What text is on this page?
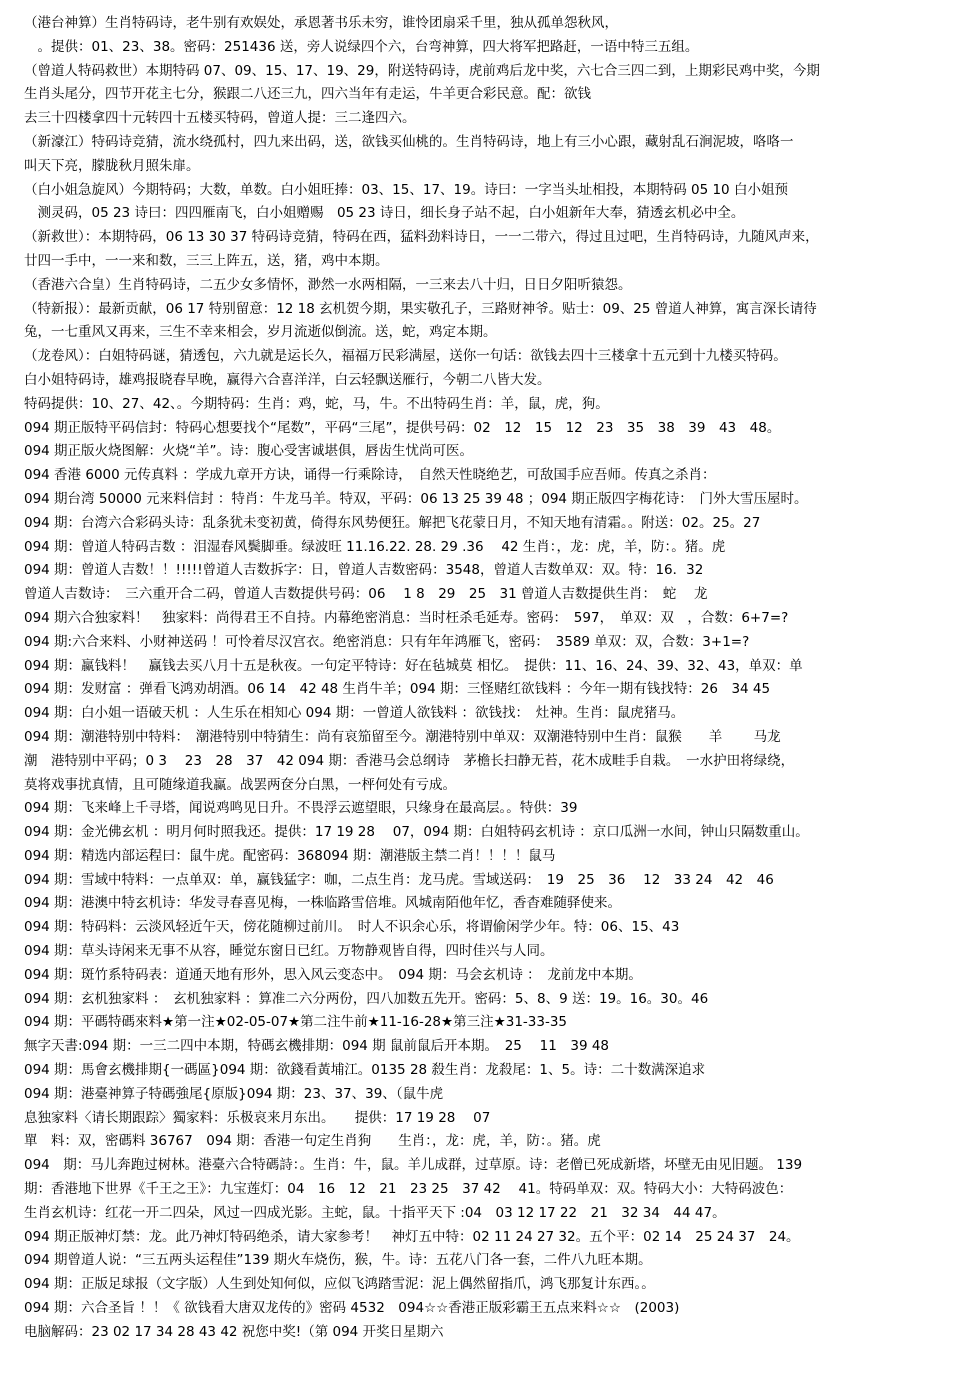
（港台神算）生肖特码诗，老牛别有欢娱处，承恩著书乐未穷，谁怜团扇采千里，独从孤单怨秋风，
　。提供：01、23、38。密码：251436 送，旁人说绿四个六，台弯神算，四大将军把路赶，一语中特三五组。
（曾道人特码救世）本期特码 07、09、15、17、19、29，附送特码诗，虎前鸡后龙中奖，六七合三四二到，上期彩民鸡中奖，今期
生肖头尾分，四节开花主七分，猴跟二八还三九，四六当年有走运，牛羊更合彩民意。配：欲钱
去三十四楼拿四十元转四十五楼买特码，曾道人提：三二逢四六。
（新濠江）特码诗竞猜，流水绕孤村，四九来出码，送，欲钱买仙桃的。生肖特码诗，地上有三小心跟，藏射乱石涧泥坡，咯咯一
叫天下亮，朦胧秋月照朱扉。
（白小姐急旋风）今期特码；大数，单数。白小姐旺捧：03、15、17、19。诗曰：一字当头址相投，本期特码 05 10 白小姐预
　测灵码，05 23 诗曰：四四雁南飞，白小姐赠赐　05 23 诗日，细长身子站不起，白小姐新年大奉，猜透玄机必中全。
（新救世）：本期特码，06 13 30 37 特码诗竞猜，特码在西，猛料劲料诗日，一一二带六，得过且过吧，生肖特码诗，九随风声来，
廿四一手中，一一来和数，三三上阵五，送，猪，鸡中本期。
（香港六合皇）生肖特码诗，二五少女多情怀，渺然一水两相隔，一三来去八十归，日日夕阳听猿怨。
（特新报）：最新贡献，06 17 特别留意：12 18 玄机贺今期，果实敬孔子，三路财神爷。贴士：09、25 曾道人神算，寓言深长请待
兔，一七重风又再来，三生不幸来相会，岁月流逝似倒流。送，蛇，鸡定本期。
（龙卷风）：白姐特码谜，猜透包，六九就是运长久，福福万民彩满屋，送你一句话：欲钱去四十三楼拿十五元到十九楼买特码。
白小姐特码诗，雄鸡报晓春早晚，赢得六合喜洋洋，白云轻飘送雁行，今朝二八皆大发。
特码提供：10、27、42、。今期特码：生肖：鸡，蛇，马，牛。不出特码生肖：羊，鼠，虎，狗。
094 期正版特平码信封：特码心想要找个“尾数”，平码“三尾”，提供号码：02　12　15　12　23　35　38　39　43　48。
094 期正版火烧图解：火烧“羊”。诗：腹心受害诚堪俱，唇齿生忧尚可医。
094 香港 6000 元传真料 ：学成九章开方诀，诵得一行乘除诗，　自然天性晓绝艺，可敌国手应吾师。传真之杀肖：
094 期台湾 50000 元来料信封 ：特肖：牛龙马羊。特双，平码：06 13 25 39 48 ；094 期正版四字梅花诗：　门外大雪压屋时。
094 期：台湾六合彩码头诗：乱条犹未变初黄，倚得东风势便狂。解把飞花蒙日月，不知天地有清霜。。附送：02。25。27
094 期：曾道人特码吉数 ：泪湿春风鬓脚垂。绿波旺 11.16.22. 28. 29 .36　 42 生肖：，龙：虎，羊，防：。猪。虎
094 期：曾道人吉数！！!!!!!曾道人吉数拆字：日，曾道人吉数密码：3548，曾道人吉数单双：双。特：16．32
曾道人吉数诗：　三六重开合二码，曾道人吉数提供号码：06　 1 8　29　25　31 曾道人吉数提供生肖：　蛇　 龙
094 期六合独家料！　独家料：尚得君王不自持。内幕绝密消息：当时枉杀毛延寿。密码：　597，　单双：双　，合数：6+7=?
094 期:六合来料、小财神送码 ！可怜着尽汉宫衣。绝密消息：只有年年鸿雁飞，密码：　3589 单双：双，合数：3+1=?
094 期：赢钱料！　赢钱去买八月十五是秋夜。一句定平特诗：好在毡城莫 相忆。　提供：11、16、24、39、32、43，单双：单
094 期：发财富 ：弹看飞鸿劝胡酒。06 14　42 48 生肖牛羊；094 期：三怪赌红欲钱料 ：今年一期有钱找特：26　34 45
094 期：白小姐一语破天机 ：人生乐在相知心 094 期：一曾道人欲钱料 ：欲钱找：　灶神。生肖：鼠虎猪马。
094 期：潮港特别中特料：　潮港特别中特猜生：尚有哀笳留至今。潮港特别中单双：双潮港特别中生肖：鼠猴　　羊　　 马龙
潮　港特别中平码；0 3　 23　28　37　42 094 期：香港马会总纲诗　茅檐长扫静无苔，花木成畦手自栽。　一水护田将绿绕，
莫将戏事扰真情，且可随缘道我赢。战罢两奁分白黑，一枰何处有亏成。
094 期：飞来峰上千寻塔，闻说鸡鸣见日升。不畏浮云遮望眼，只缘身在最高层。。特供：39
094 期：金光佛玄机 ：明月何时照我还。提供：17 19 28　 07，094 期：白姐特码玄机诗 ：京口瓜洲一水间，钟山只隔数重山。
094 期：精选内部运程曰：鼠牛虎。配密码：368094 期：潮港版主禁二肖！！！！鼠马
094 期：雪域中特料：一点单双：单，赢钱猛字：咖，二点生肖：龙马虎。雪域送码：　19　25　36　 12　33 24　42　46
094 期：港澳中特玄机诗：华发寻春喜见梅，一株临路雪倍堆。风城南陌他年忆，香杳难随驿使来。
094 期：特码料：云淡风轻近午天，傍花随柳过前川。　时人不识余心乐，将谓偷闲学少年。特：06、15、43
094 期：草头诗闲来无事不从容，睡觉东窗日已红。万物静观皆自得，四时佳兴与人同。
094 期：斑竹系特码表：道通天地有形外，思入风云变态中。　094 期：马会玄机诗 ：　龙前龙中本期。
094 期：玄机独家料 ：　玄机独家料 ：算准二六分两份，四八加数五先开。密码：5、8、9 送：19。16。30。46
094 期：平碼特碼來料★第一注★02-05-07★第二注牛前★11-16-28★第三注★31-33-35
無字天書:094 期：一三二四中本期，特碼玄機排期：094 期 鼠前鼠后开本期。　25　 11　39 48
094 期：馬會玄機排期{一碼區}094 期：欲錢看黃埔江。0135 28 殺生肖：龙殺尾：1、5。诗：二十数满深追求
094 期：港臺神算子特碼強尾{原版}094 期：23、37、39、（鼠牛虎
息独家料〈请长期跟踪〉獨家料：乐极哀来月东出。　　提供：17 19 28　 07
單　料：双，密碼料 36767　094 期：香港一句定生肖狗　　生肖：，龙：虎，羊，防：。猪。虎
094　期：马儿奔跑过树林。港臺六合特碼詩：。生肖：牛，鼠。羊儿成群，过草原。诗：老僧已死成新塔，坏壁无由见旧题。 139
期：香港地下世界《千王之王》：九宝莲灯：04　16　12　21　23 25　37 42　 41。特码单双：双。特码大小：大特码波色：
生肖玄机诗：红花一开二四朵，风过一四成光影。主蛇，鼠。十指平天下 :04　03 12 17 22　21　32 34　44 47。
094 期正版神灯禁：龙。此乃神灯特码绝杀，请大家参考！　神灯五中特：02 11 24 27 32。五个平：02 14　25 24 37　24。
094 期曾道人说：“三五两头运程佳”139 期火车烧伤，猴，牛。诗：五花八门各一套，二件八九旺本期。
094 期：正版足球报（文字版）人生到处知何似，应似飞鸿踏雪泥：泥上偶然留指爪，鸿飞那复计东西。。
094 期：六合圣旨 ！！《 欲钱看大唐双龙传的》密码 4532　094☆☆香港正版彩霸王五点来料☆☆　(2003)
电脑解码：23 02 17 34 28 43 42 祝您中奖!（第 094 开奖日星期六
